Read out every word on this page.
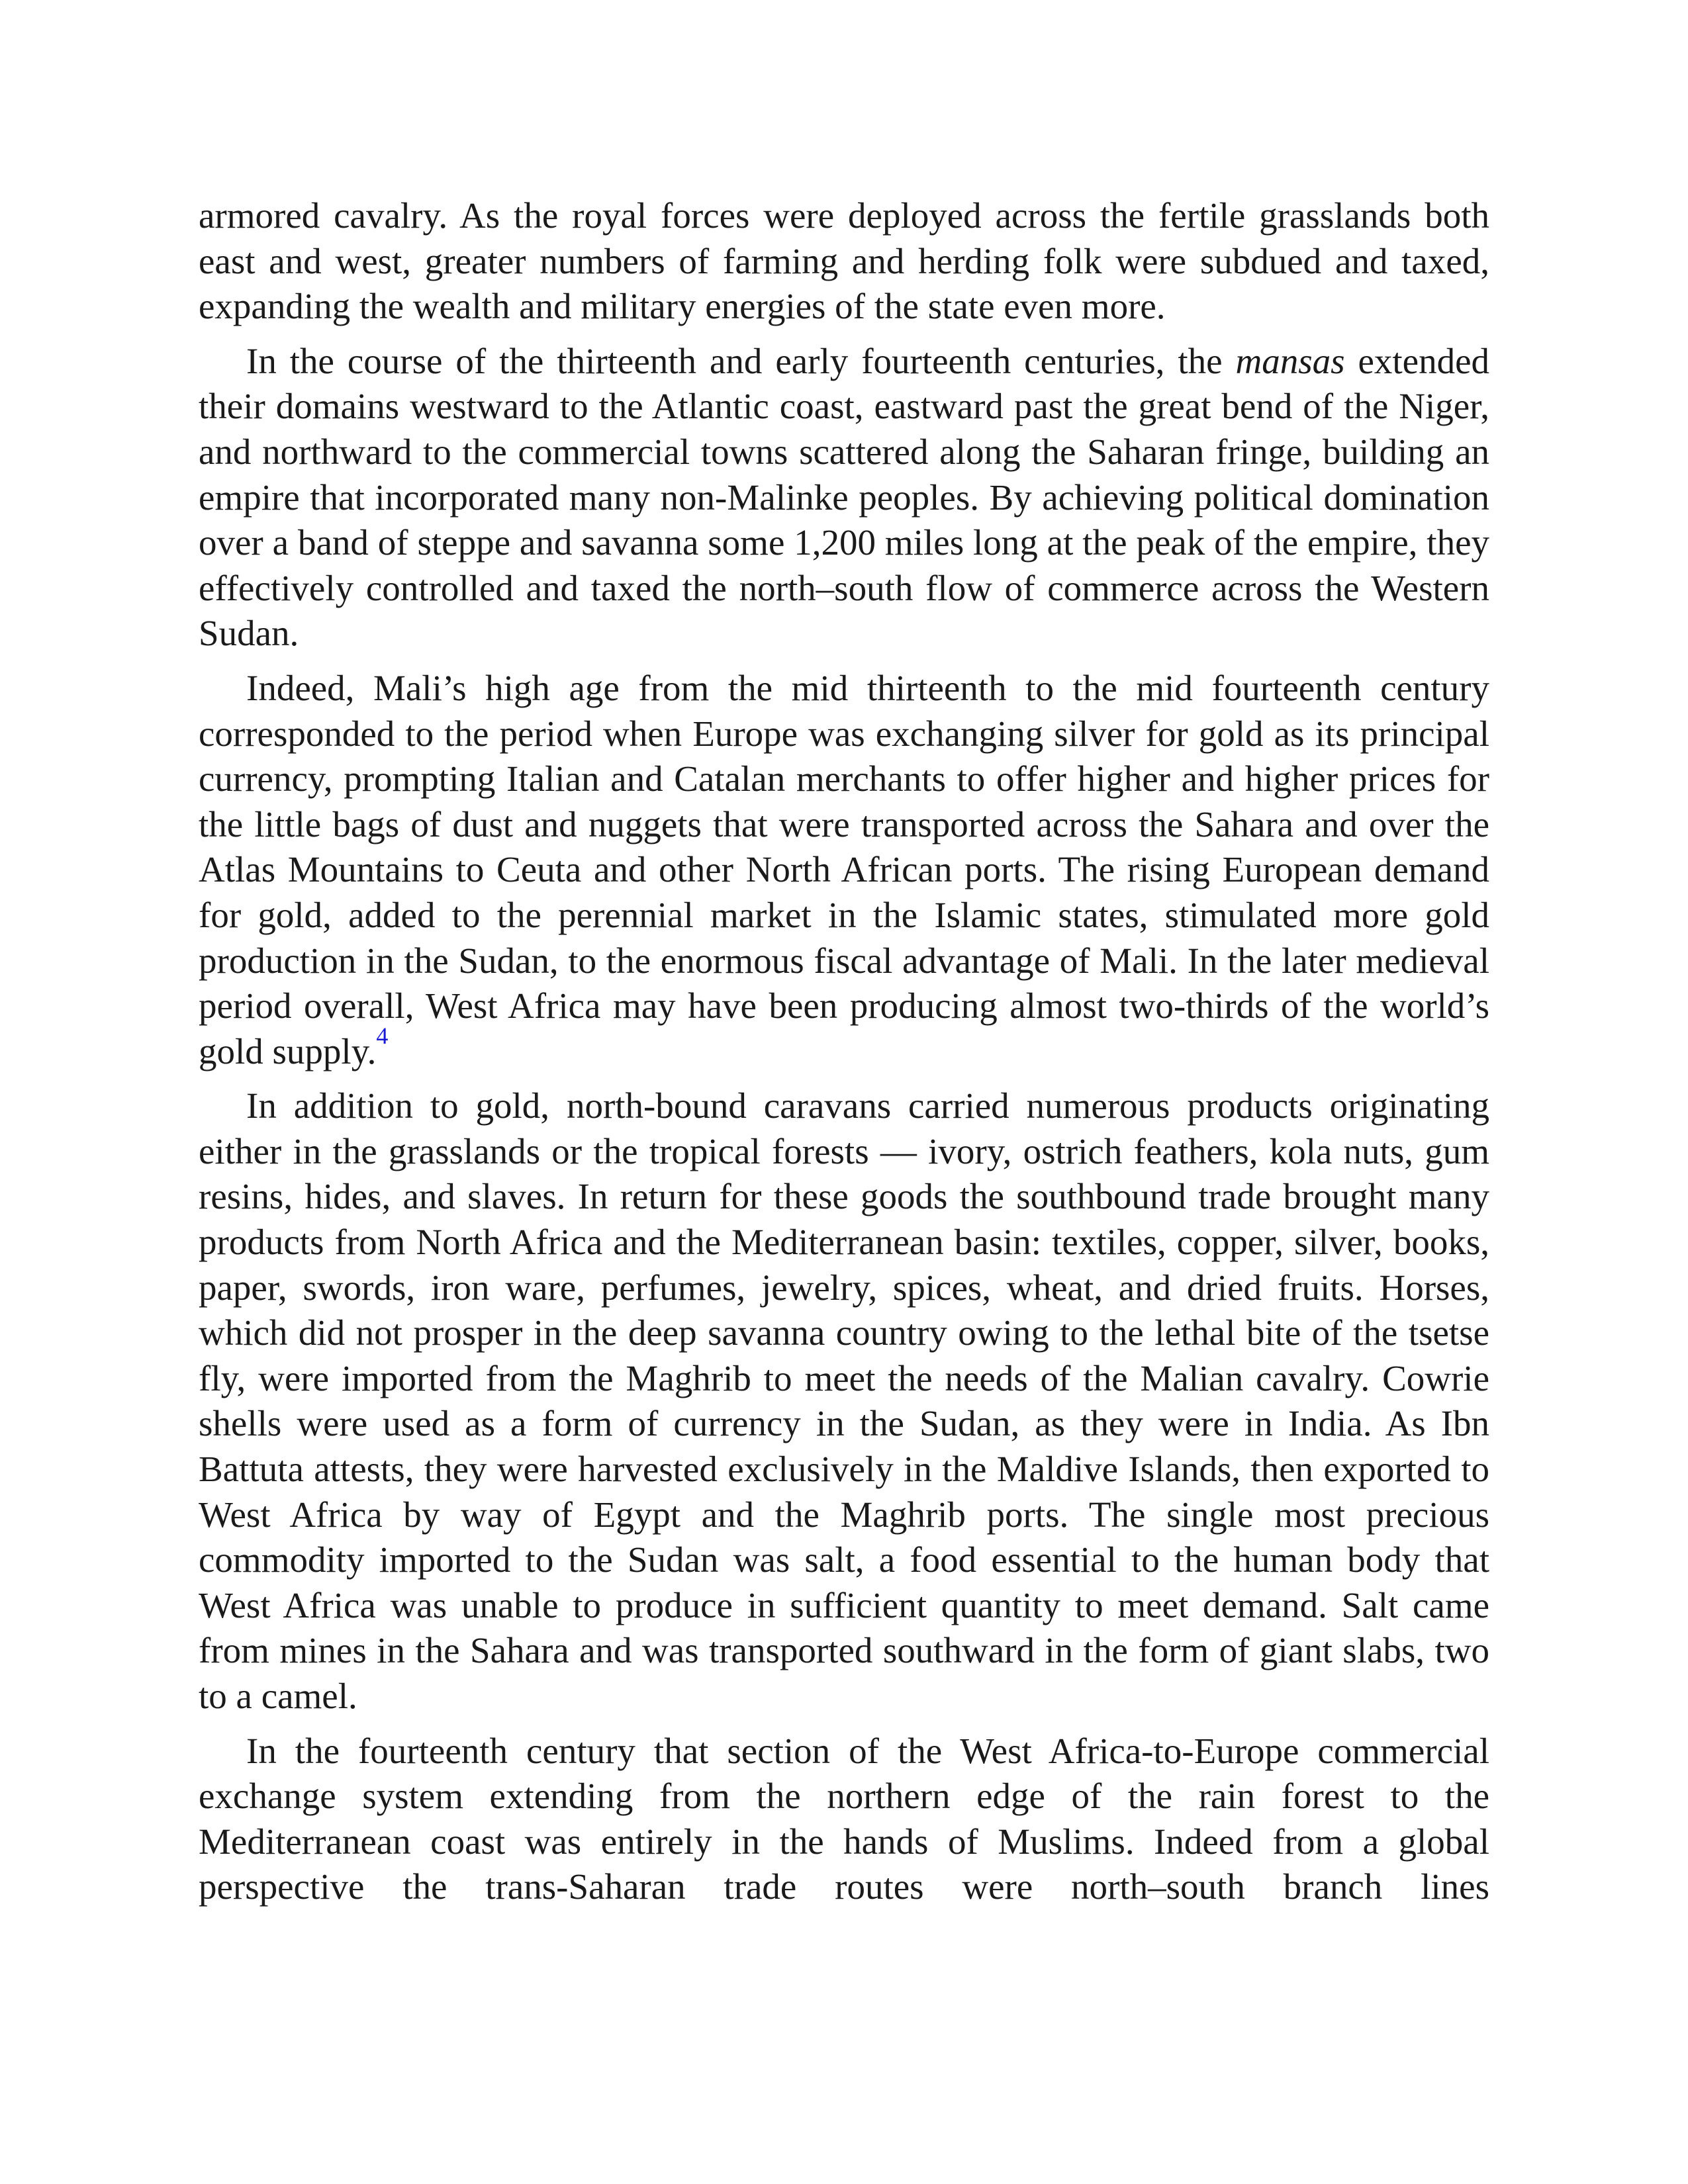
armored cavalry. As the royal forces were deployed across the fertile grasslands both east and west, greater numbers of farming and herding folk were subdued and taxed, expanding the wealth and military energies of the state even more.

In the course of the thirteenth and early fourteenth centuries, the mansas extended their domains westward to the Atlantic coast, eastward past the great bend of the Niger, and northward to the commercial towns scattered along the Saharan fringe, building an empire that incorporated many non-Malinke peoples. By achieving political domination over a band of steppe and savanna some 1,200 miles long at the peak of the empire, they effectively controlled and taxed the north–south flow of commerce across the Western Sudan.

Indeed, Mali’s high age from the mid thirteenth to the mid fourteenth century corresponded to the period when Europe was exchanging silver for gold as its principal currency, prompting Italian and Catalan merchants to offer higher and higher prices for the little bags of dust and nuggets that were transported across the Sahara and over the Atlas Mountains to Ceuta and other North African ports. The rising European demand for gold, added to the perennial market in the Islamic states, stimulated more gold production in the Sudan, to the enormous fiscal advantage of Mali. In the later medieval period overall, West Africa may have been producing almost two-thirds of the world’s gold supply.$^4$

In addition to gold, north-bound caravans carried numerous products originating either in the grasslands or the tropical forests — ivory, ostrich feathers, kola nuts, gum resins, hides, and slaves. In return for these goods the southbound trade brought many products from North Africa and the Mediterranean basin: textiles, copper, silver, books, paper, swords, iron ware, perfumes, jewelry, spices, wheat, and dried fruits. Horses, which did not prosper in the deep savanna country owing to the lethal bite of the tsetse fly, were imported from the Maghrib to meet the needs of the Malian cavalry. Cowrie shells were used as a form of currency in the Sudan, as they were in India. As Ibn Battuta attests, they were harvested exclusively in the Maldive Islands, then exported to West Africa by way of Egypt and the Maghrib ports. The single most precious commodity imported to the Sudan was salt, a food essential to the human body that West Africa was unable to produce in sufficient quantity to meet demand. Salt came from mines in the Sahara and was transported southward in the form of giant slabs, two to a camel.

In the fourteenth century that section of the West Africa-to-Europe commercial exchange system extending from the northern edge of the rain forest to the Mediterranean coast was entirely in the hands of Muslims. Indeed from a global perspective the trans-Saharan trade routes were north–south branch lines
